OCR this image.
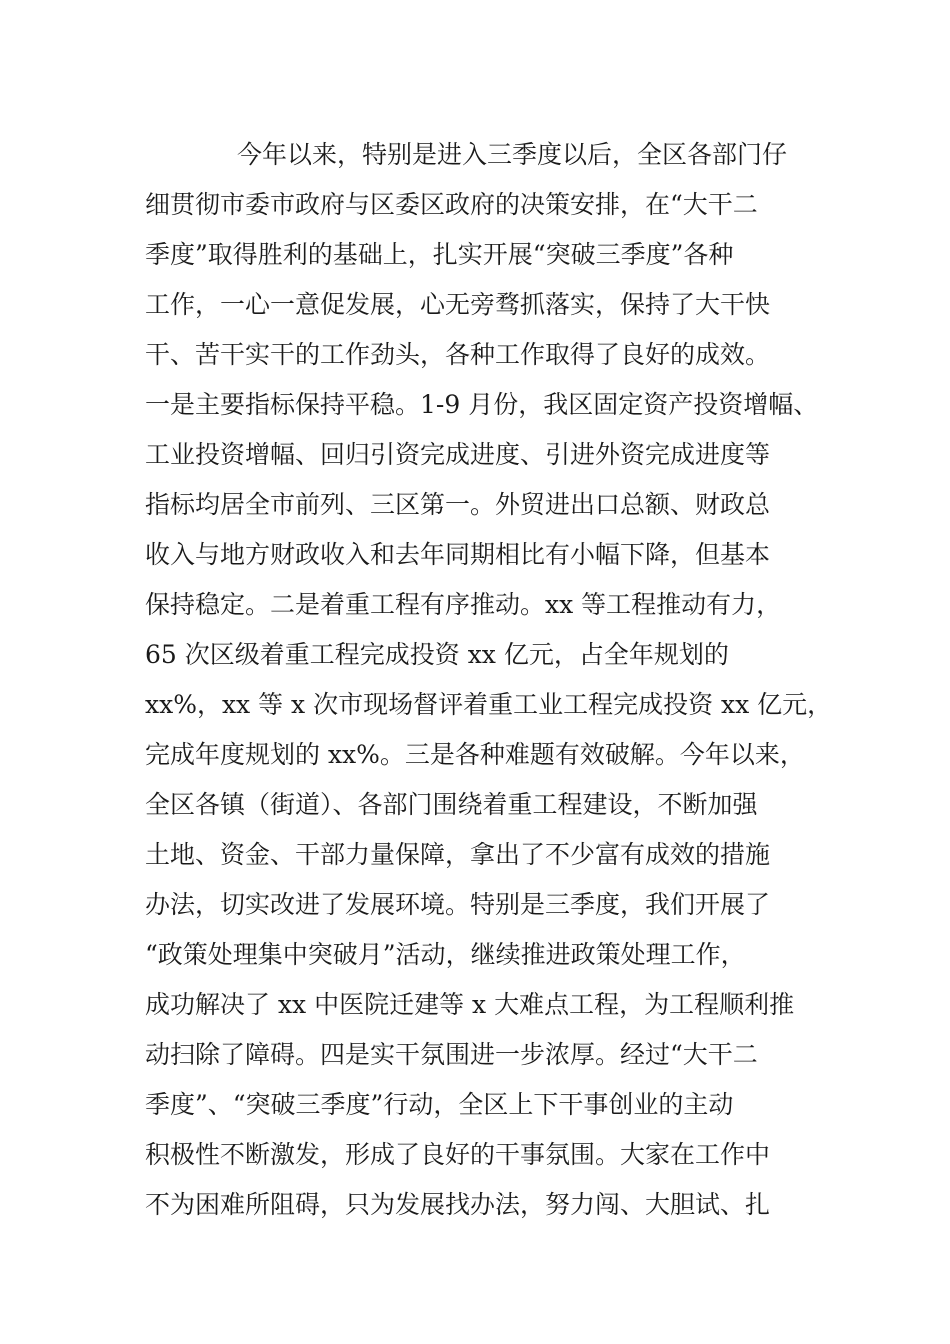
今年以来，特别是进入三季度以后，全区各部门仔
细贯彻市委市政府与区委区政府的决策安排，在“大干二
季度”取得胜利的基础上，扎实开展“突破三季度”各种
工作，一心一意促发展，心无旁骛抓落实，保持了大干快
干、苦干实干的工作劲头，各种工作取得了良好的成效。
一是主要指标保持平稳。1-9 月份，我区固定资产投资增幅、
工业投资增幅、回归引资完成进度、引进外资完成进度等
指标均居全市前列、三区第一。外贸进出口总额、财政总
收入与地方财政收入和去年同期相比有小幅下降，但基本
保持稳定。二是着重工程有序推动。xx 等工程推动有力，
65 次区级着重工程完成投资 xx 亿元，占全年规划的
xx%，xx 等 x 次市现场督评着重工业工程完成投资 xx 亿元，
完成年度规划的 xx%。三是各种难题有效破解。今年以来，
全区各镇（街道）、各部门围绕着重工程建设，不断加强
土地、资金、干部力量保障，拿出了不少富有成效的措施
办法，切实改进了发展环境。特别是三季度，我们开展了
“政策处理集中突破月”活动，继续推进政策处理工作，
成功解决了 xx 中医院迁建等 x 大难点工程，为工程顺利推
动扫除了障碍。四是实干氛围进一步浓厚。经过“大干二
季度”、“突破三季度”行动，全区上下干事创业的主动
积极性不断激发，形成了良好的干事氛围。大家在工作中
不为困难所阻碍，只为发展找办法，努力闯、大胆试、扎
